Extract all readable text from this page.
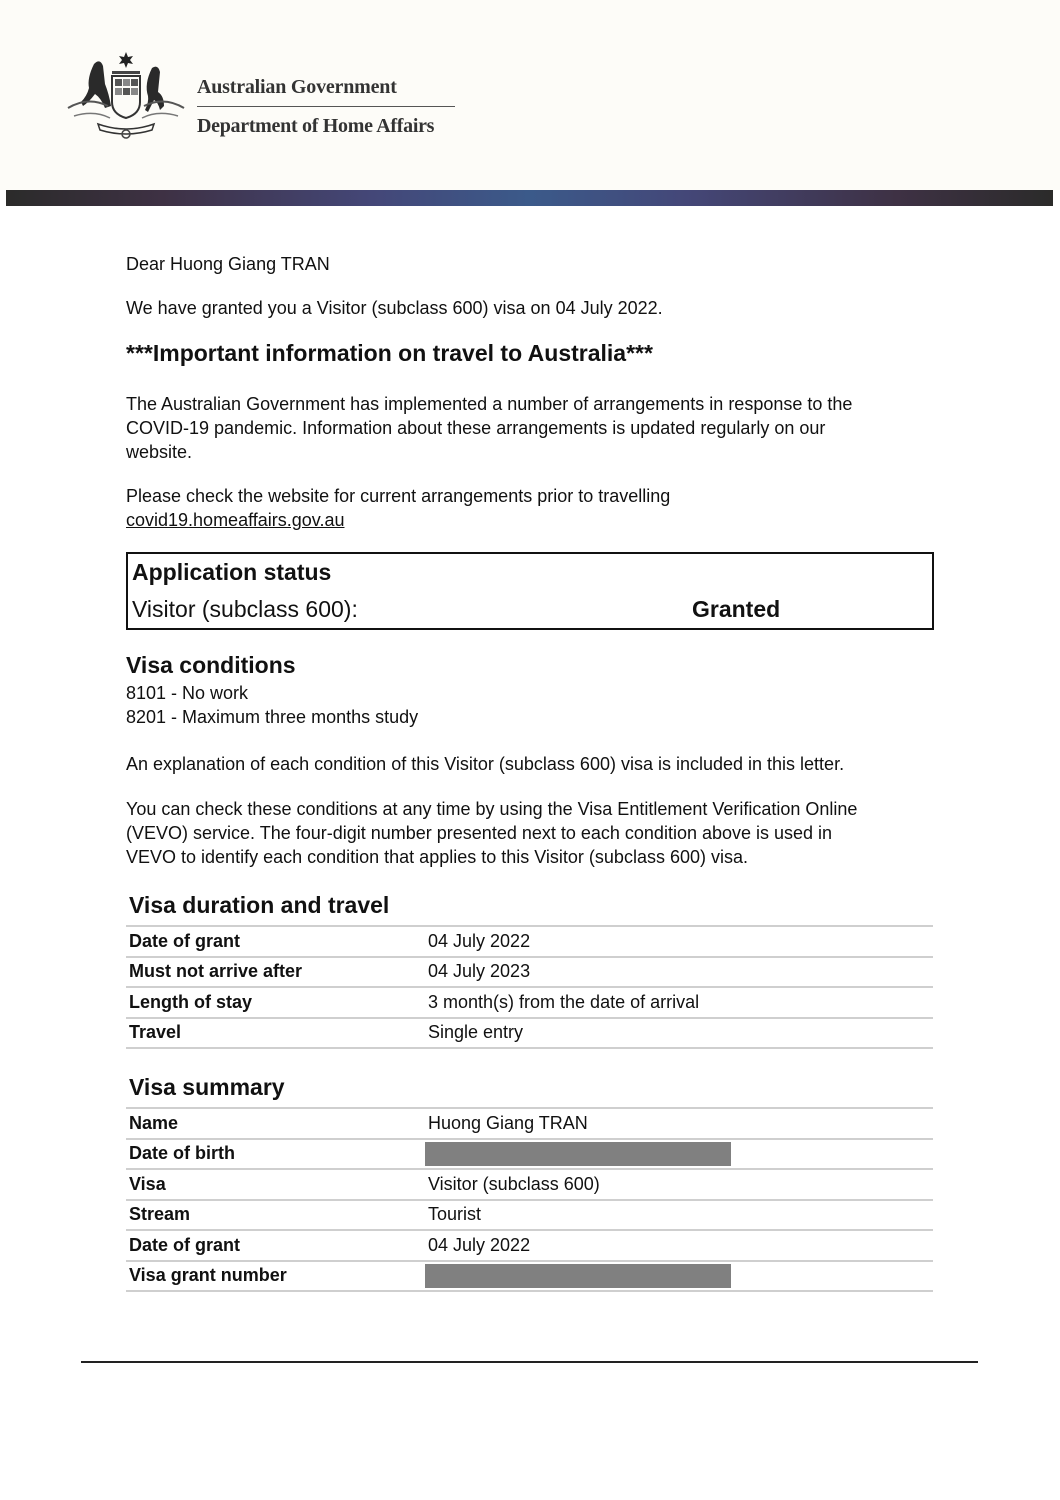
Australian Government
Department of Home Affairs
Dear Huong Giang TRAN
We have granted you a Visitor (subclass 600) visa on 04 July 2022.
***Important information on travel to Australia***
The Australian Government has implemented a number of arrangements in response to the
COVID-19 pandemic. Information about these arrangements is updated regularly on our
website.
Please check the website for current arrangements prior to travelling
covid19.homeaffairs.gov.au
Application status
Visitor (subclass 600):	Granted
Visa conditions
8101 - No work
8201 - Maximum three months study
An explanation of each condition of this Visitor (subclass 600) visa is included in this letter.
You can check these conditions at any time by using the Visa Entitlement Verification Online
(VEVO) service. The four-digit number presented next to each condition above is used in
VEVO to identify each condition that applies to this Visitor (subclass 600) visa.
Visa duration and travel
Date of grant	04 July 2022
Must not arrive after	04 July 2023
Length of stay	3 month(s) from the date of arrival
Travel	Single entry
Visa summary
Name	Huong Giang TRAN
Date of birth
Visa	Visitor (subclass 600)
Stream	Tourist
Date of grant	04 July 2022
Visa grant number
